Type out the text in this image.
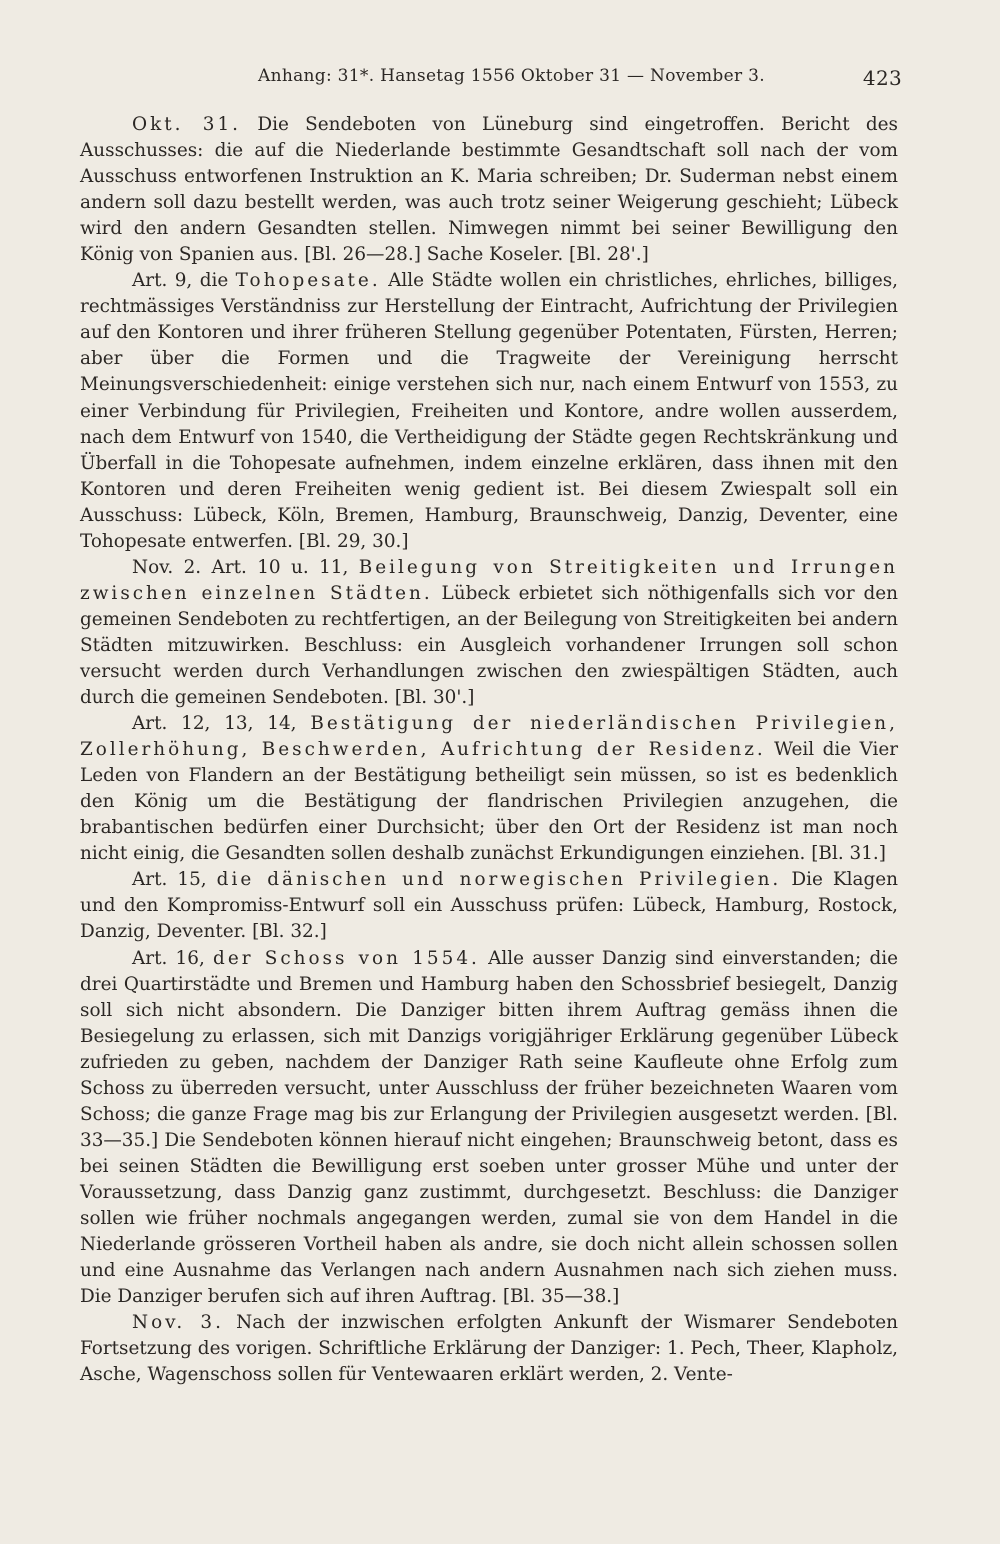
Anhang: 31*. Hansetag 1556 Oktober 31 — November 3.	423

Okt. 31. Die Sendeboten von Lüneburg sind eingetroffen. Bericht des Ausschusses: die auf die Niederlande bestimmte Gesandtschaft soll nach der vom Ausschuss entworfenen Instruktion an K. Maria schreiben; Dr. Suderman nebst einem andern soll dazu bestellt werden, was auch trotz seiner Weigerung geschieht; Lübeck wird den andern Gesandten stellen. Nimwegen nimmt bei seiner Bewilligung den König von Spanien aus. [Bl. 26—28.] Sache Koseler. [Bl. 28'.]

Art. 9, die Tohopesate. Alle Städte wollen ein christliches, ehrliches, billiges, rechtmässiges Verständniss zur Herstellung der Eintracht, Aufrichtung der Privilegien auf den Kontoren und ihrer früheren Stellung gegenüber Potentaten, Fürsten, Herren; aber über die Formen und die Tragweite der Vereinigung herrscht Meinungsverschiedenheit: einige verstehen sich nur, nach einem Entwurf von 1553, zu einer Verbindung für Privilegien, Freiheiten und Kontore, andre wollen ausserdem, nach dem Entwurf von 1540, die Vertheidigung der Städte gegen Rechtskränkung und Überfall in die Tohopesate aufnehmen, indem einzelne erklären, dass ihnen mit den Kontoren und deren Freiheiten wenig gedient ist. Bei diesem Zwiespalt soll ein Ausschuss: Lübeck, Köln, Bremen, Hamburg, Braunschweig, Danzig, Deventer, eine Tohopesate entwerfen. [Bl. 29, 30.]

Nov. 2. Art. 10 u. 11, Beilegung von Streitigkeiten und Irrungen zwischen einzelnen Städten. Lübeck erbietet sich nöthigenfalls sich vor den gemeinen Sendeboten zu rechtfertigen, an der Beilegung von Streitigkeiten bei andern Städten mitzuwirken. Beschluss: ein Ausgleich vorhandener Irrungen soll schon versucht werden durch Verhandlungen zwischen den zwiespältigen Städten, auch durch die gemeinen Sendeboten. [Bl. 30'.]

Art. 12, 13, 14, Bestätigung der niederländischen Privilegien, Zollerhöhung, Beschwerden, Aufrichtung der Residenz. Weil die Vier Leden von Flandern an der Bestätigung betheiligt sein müssen, so ist es bedenklich den König um die Bestätigung der flandrischen Privilegien anzugehen, die brabantischen bedürfen einer Durchsicht; über den Ort der Residenz ist man noch nicht einig, die Gesandten sollen deshalb zunächst Erkundigungen einziehen. [Bl. 31.]

Art. 15, die dänischen und norwegischen Privilegien. Die Klagen und den Kompromiss-Entwurf soll ein Ausschuss prüfen: Lübeck, Hamburg, Rostock, Danzig, Deventer. [Bl. 32.]

Art. 16, der Schoss von 1554. Alle ausser Danzig sind einverstanden; die drei Quartirstädte und Bremen und Hamburg haben den Schossbrief besiegelt, Danzig soll sich nicht absondern. Die Danziger bitten ihrem Auftrag gemäss ihnen die Besiegelung zu erlassen, sich mit Danzigs vorigjähriger Erklärung gegenüber Lübeck zufrieden zu geben, nachdem der Danziger Rath seine Kaufleute ohne Erfolg zum Schoss zu überreden versucht, unter Ausschluss der früher bezeichneten Waaren vom Schoss; die ganze Frage mag bis zur Erlangung der Privilegien ausgesetzt werden. [Bl. 33—35.] Die Sendeboten können hierauf nicht eingehen; Braunschweig betont, dass es bei seinen Städten die Bewilligung erst soeben unter grosser Mühe und unter der Voraussetzung, dass Danzig ganz zustimmt, durchgesetzt. Beschluss: die Danziger sollen wie früher nochmals angegangen werden, zumal sie von dem Handel in die Niederlande grösseren Vortheil haben als andre, sie doch nicht allein schossen sollen und eine Ausnahme das Verlangen nach andern Ausnahmen nach sich ziehen muss. Die Danziger berufen sich auf ihren Auftrag. [Bl. 35—38.]

Nov. 3. Nach der inzwischen erfolgten Ankunft der Wismarer Sendeboten Fortsetzung des vorigen. Schriftliche Erklärung der Danziger: 1. Pech, Theer, Klapholz, Asche, Wagenschoss sollen für Ventewaaren erklärt werden, 2. Vente-
